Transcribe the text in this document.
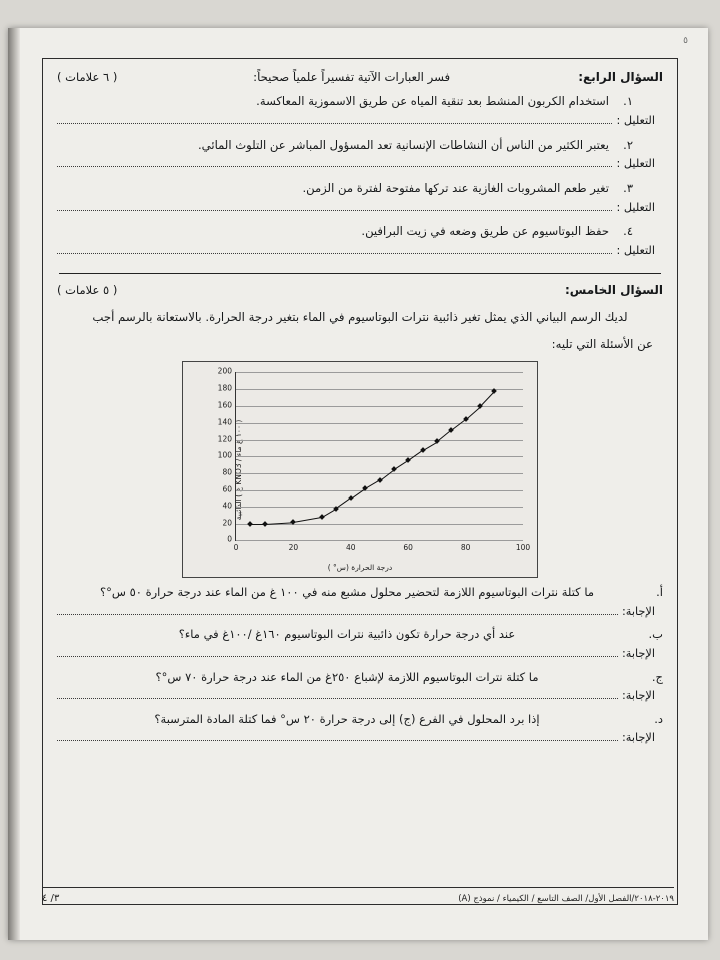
٥
السؤال الرابع:
فسر العبارات الآتية تفسيراً علمياً صحيحاً:
( ٦ علامات )
١.
استخدام الكربون المنشط بعد تنقية المياه عن طريق الاسموزية المعاكسة.
التعليل :
٢.
يعتبر الكثير من الناس أن النشاطات الإنسانية تعد المسؤول المباشر عن التلوث المائي.
التعليل :
٣.
تغير طعم المشروبات الغازية عند تركها مفتوحة لفترة من الزمن.
التعليل :
٤.
حفظ البوتاسيوم عن طريق وضعه في زيت البرافين.
التعليل :
السؤال الخامس:
( ٥ علامات )
لديك الرسم البياني الذي يمثل تغير ذائبية نترات البوتاسيوم في الماء بتغير درجة الحرارة. بالاستعانة بالرسم أجب
عن الأسئلة التي تليه:
الذائبية ( غ KNO3 / ١٠٠ غ ماء )
درجة الحرارة (س° )
0
20
40
60
80
100
120
140
160
180
200
0	20	40	60	80	100
أ.
ما كتلة نترات البوتاسيوم اللازمة لتحضير محلول مشبع منه في ١٠٠ غ من الماء عند درجة حرارة ٥٠ س°؟
الإجابة:
ب.
عند أي درجة حرارة تكون ذائبية نترات البوتاسيوم ١٦٠غ /١٠٠غ في ماء؟
الإجابة:
ج.
ما كتلة نترات البوتاسيوم اللازمة لإشباع ٢٥٠غ من الماء عند درجة حرارة ٧٠ س°؟
الإجابة:
د.
إذا برد المحلول في الفرع (ج) إلى درجة حرارة ٢٠ س° فما كتلة المادة المترسبة؟
الإجابة:
٢٠١٩-٢٠١٨/الفصل الأول/ الصف التاسع / الكيمياء / نموذج (A)
٣/ ٤
